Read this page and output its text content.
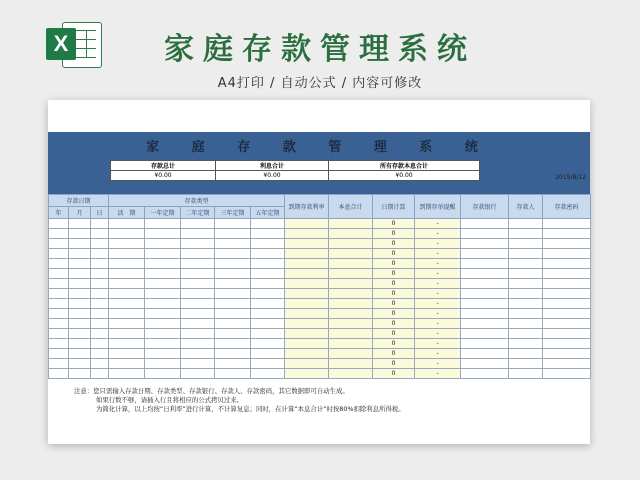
X	家庭存款管理系统
A4打印 / 自动公式 / 内容可修改
家 庭 存 款 管 理 系 统
存款总计	利息合计	所有存款本息合计
¥0.00	¥0.00	¥0.00	2019/8/12
存款日期			存款类型					到期存款利率	本息合计	日期计算	到期存单提醒	存款银行	存款人	存款密码
年	月	日	活　期	一年定期	二年定期	三年定期	五年定期							
										0	-			
										0	-			
										0	-			
										0	-			
										0	-			
										0	-			
										0	-			
										0	-			
										0	-			
										0	-			
										0	-			
										0	-			
										0	-			
										0	-			
										0	-			
										0	-			
注意：您只需输入存款日期、存款类型、存款银行、存款人、存款密码，其它数据即可自动生成。
如果行数不够，请插入行且将相应的公式拷贝过来。
为简化计算，以上均按“日利率”进行计算，不计算复息；同时，在计算“本息合计”时按80%扣除利息所得税。
